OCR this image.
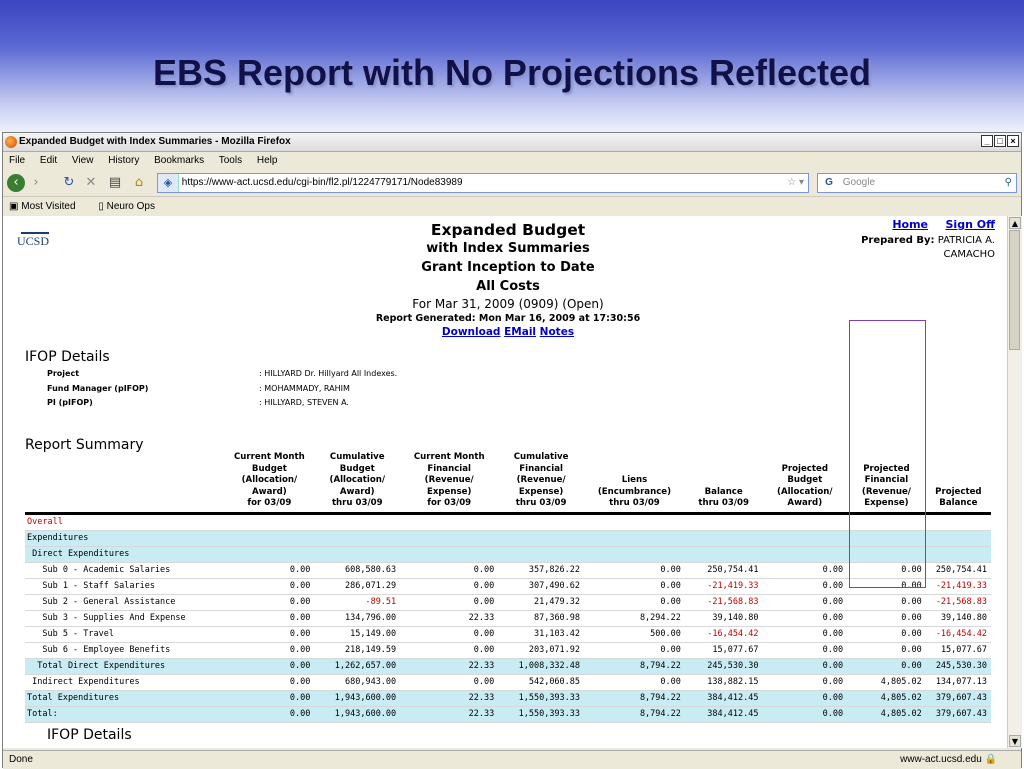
EBS Report with No Projections Reflected
Expanded Budget with Index Summaries - Mozilla Firefox	_ □ ×
File Edit View History Bookmarks Tools Help
‹	›	↻ ✕ ▤ ⌂	◈ https://www-act.ucsd.edu/cgi-bin/fl2.pl/1224779171/Node83989	☆ ▾	G Google	⚲
▣ Most Visited ▯ Neuro Ops
UCSD
Expanded Budget
with Index Summaries
Grant Inception to Date
All Costs
For Mar 31, 2009 (0909) (Open)
Report Generated: Mon Mar 16, 2009 at 17:30:56
Download EMail Notes
Home Sign Off
Prepared By: PATRICIA A.
CAMACHO
IFOP Details
Project	: HILLYARD Dr. Hillyard All Indexes.
Fund Manager (pIFOP)	: MOHAMMADY, RAHIM
PI (pIFOP)	: HILLYARD, STEVEN A.
Report Summary
	Current Month
Budget
(Allocation/
Award)
for 03/09	Cumulative
Budget
(Allocation/
Award)
thru 03/09	Current Month
Financial
(Revenue/
Expense)
for 03/09	Cumulative
Financial
(Revenue/
Expense)
thru 03/09	Liens
(Encumbrance)
thru 03/09	Balance
thru 03/09	Projected
Budget
(Allocation/
Award)	Projected
Financial
(Revenue/
Expense)	Projected
Balance
Overall									
Expenditures									
Direct Expenditures									
Sub 0 - Academic Salaries	0.00	608,580.63	0.00	357,826.22	0.00	250,754.41	0.00	0.00	250,754.41
Sub 1 - Staff Salaries	0.00	286,071.29	0.00	307,490.62	0.00	-21,419.33	0.00	0.00	-21,419.33
Sub 2 - General Assistance	0.00	-89.51	0.00	21,479.32	0.00	-21,568.83	0.00	0.00	-21,568.83
Sub 3 - Supplies And Expense	0.00	134,796.00	22.33	87,360.98	8,294.22	39,140.80	0.00	0.00	39,140.80
Sub 5 - Travel	0.00	15,149.00	0.00	31,103.42	500.00	-16,454.42	0.00	0.00	-16,454.42
Sub 6 - Employee Benefits	0.00	218,149.59	0.00	203,071.92	0.00	15,077.67	0.00	0.00	15,077.67
Total Direct Expenditures	0.00	1,262,657.00	22.33	1,008,332.48	8,794.22	245,530.30	0.00	0.00	245,530.30
Indirect Expenditures	0.00	680,943.00	0.00	542,060.85	0.00	138,882.15	0.00	4,805.02	134,077.13
Total Expenditures	0.00	1,943,600.00	22.33	1,550,393.33	8,794.22	384,412.45	0.00	4,805.02	379,607.43
Total:	0.00	1,943,600.00	22.33	1,550,393.33	8,794.22	384,412.45	0.00	4,805.02	379,607.43
IFOP Details
▲
▼
Done	www-act.ucsd.edu 🔒
